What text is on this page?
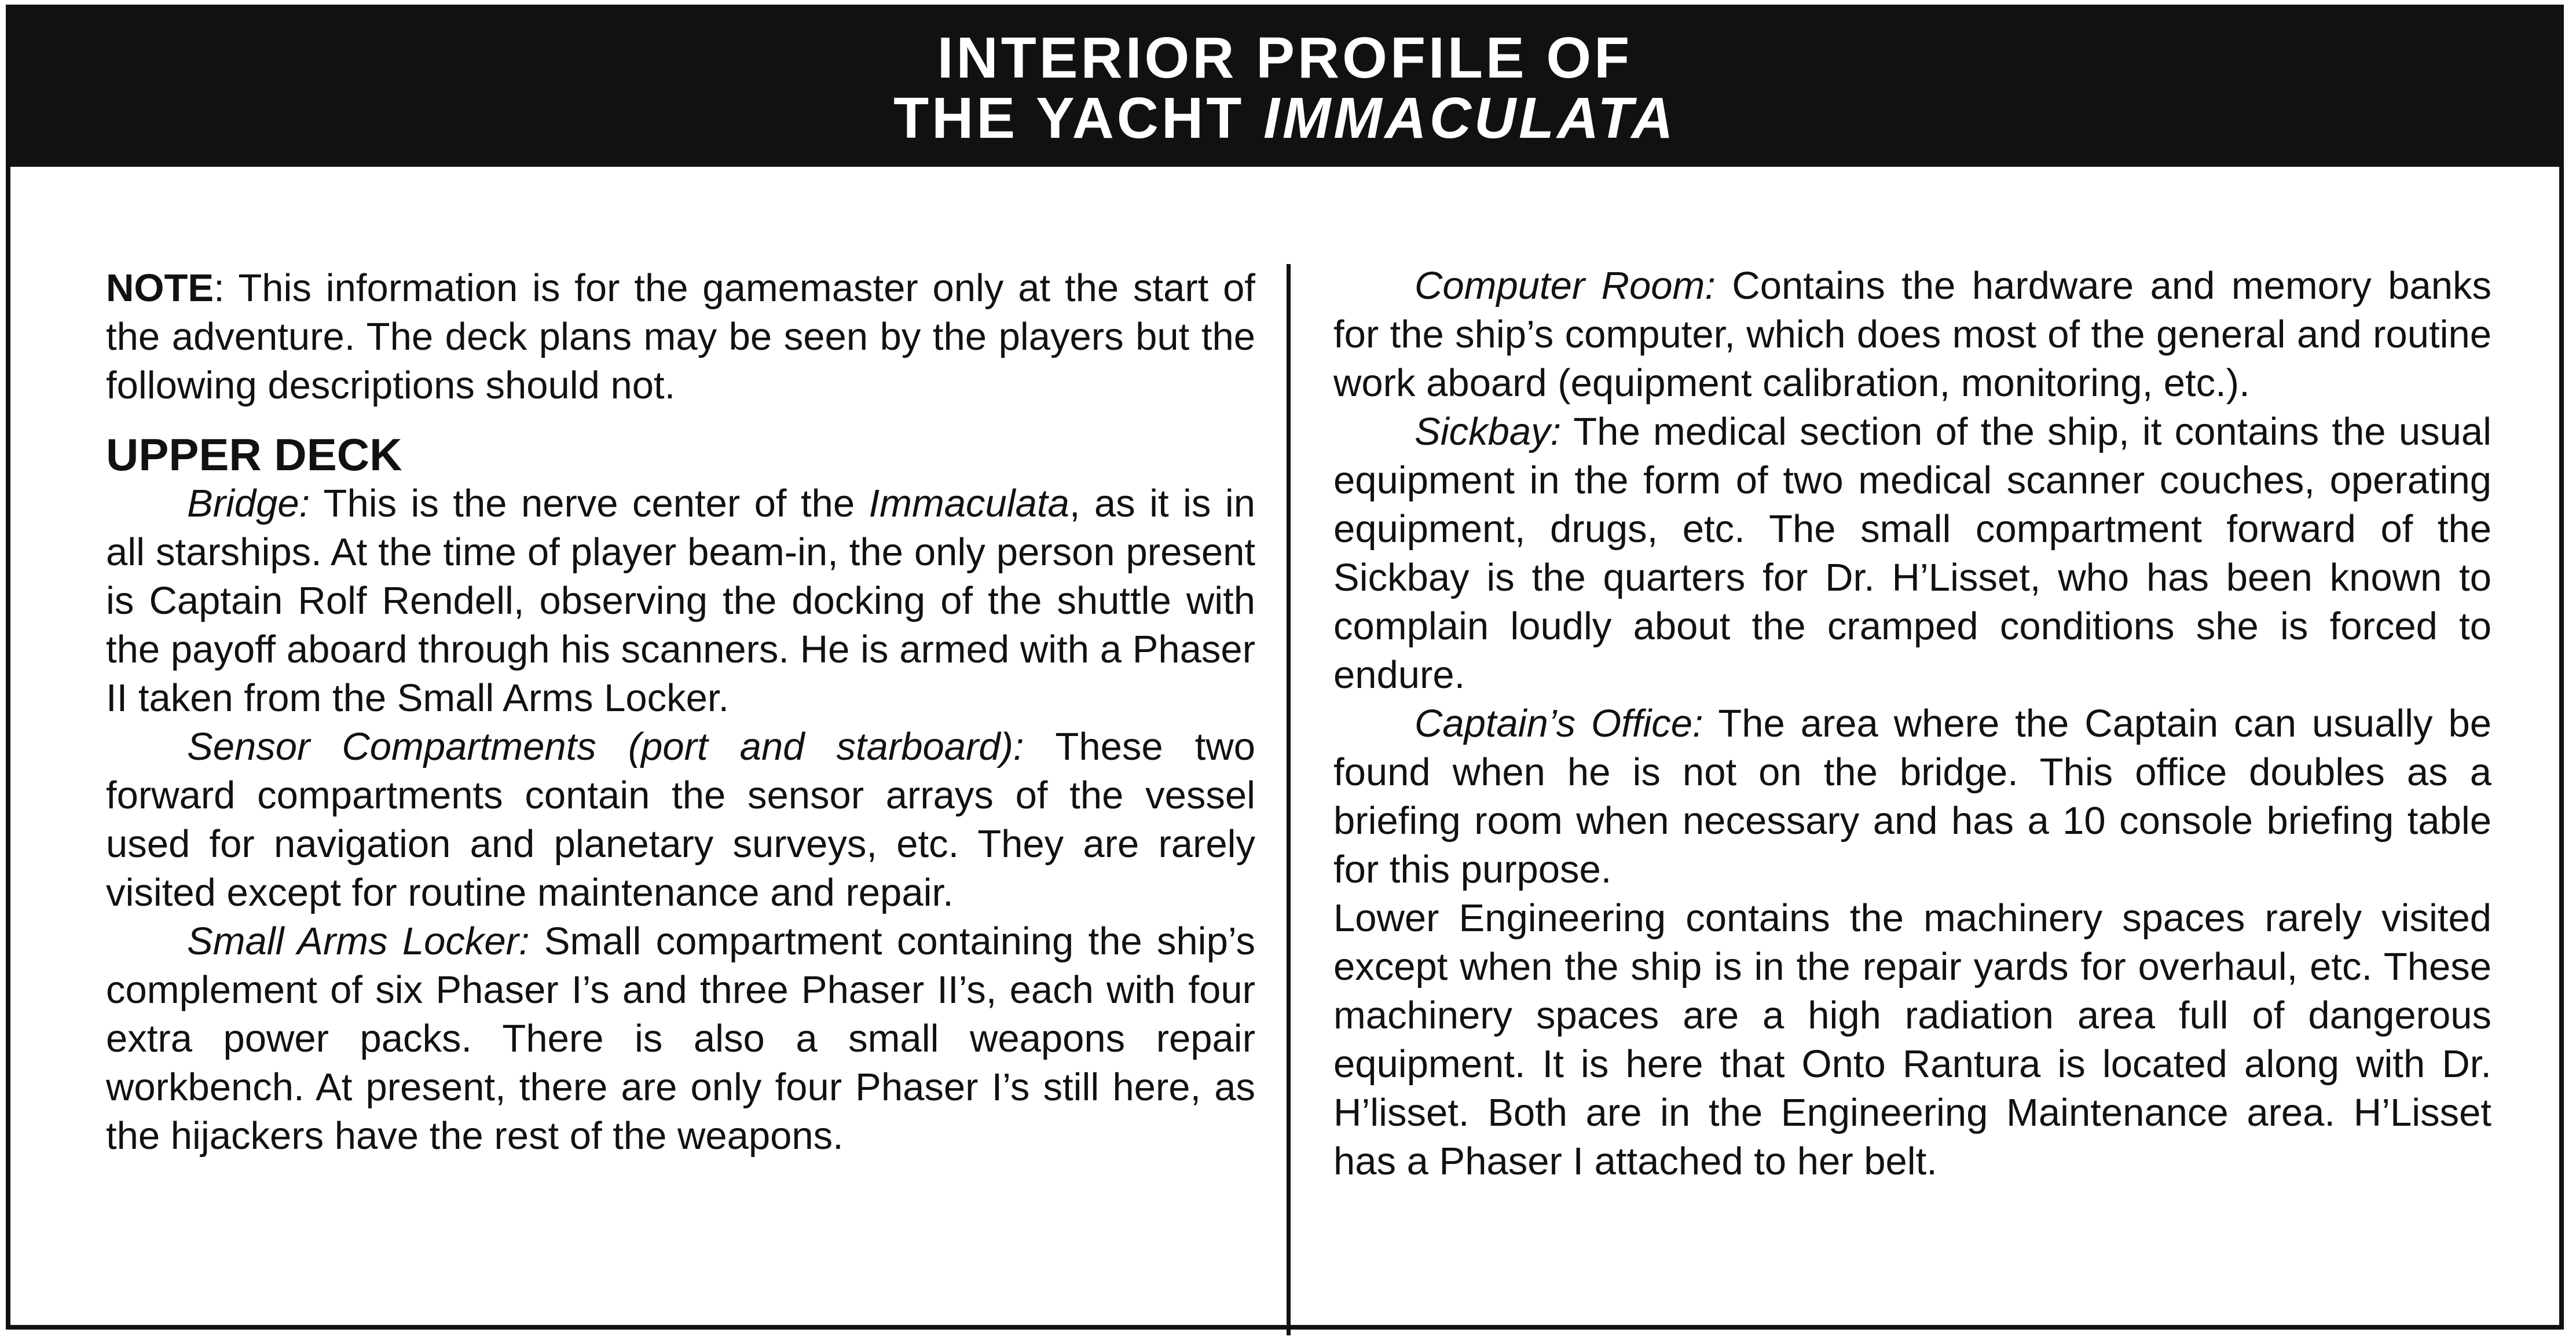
INTERIOR PROFILE OF
THE YACHT IMMACULATA

NOTE: This information is for the gamemaster only at the start of the adventure. The deck plans may be seen by the players but the following descriptions should not.

UPPER DECK

Bridge: This is the nerve center of the Immaculata, as it is in all starships. At the time of player beam-in, the only person present is Captain Rolf Rendell, observing the docking of the shuttle with the payoff aboard through his scanners. He is armed with a Phaser II taken from the Small Arms Locker.

Sensor Compartments (port and starboard): These two forward compartments contain the sensor arrays of the vessel used for navigation and planetary surveys, etc. They are rarely visited except for routine maintenance and repair.

Small Arms Locker: Small compartment containing the ship’s complement of six Phaser I’s and three Phaser II’s, each with four extra power packs. There is also a small weapons repair workbench. At present, there are only four Phaser I’s still here, as the hijackers have the rest of the weapons.

Computer Room: Contains the hardware and memory banks for the ship’s computer, which does most of the general and routine work aboard (equipment calibration, monitoring, etc.).

Sickbay: The medical section of the ship, it contains the usual equipment in the form of two medical scanner couches, operating equipment, drugs, etc. The small compartment forward of the Sickbay is the quarters for Dr. H’Lisset, who has been known to complain loudly about the cramped conditions she is forced to endure.

Captain’s Office: The area where the Captain can usually be found when he is not on the bridge. This office doubles as a briefing room when necessary and has a 10 console briefing table for this purpose.

Lower Engineering contains the machinery spaces rarely visited except when the ship is in the repair yards for overhaul, etc. These machinery spaces are a high radiation area full of dangerous equipment. It is here that Onto Rantura is located along with Dr. H’lisset. Both are in the Engineering Maintenance area. H’Lisset has a Phaser I attached to her belt.
